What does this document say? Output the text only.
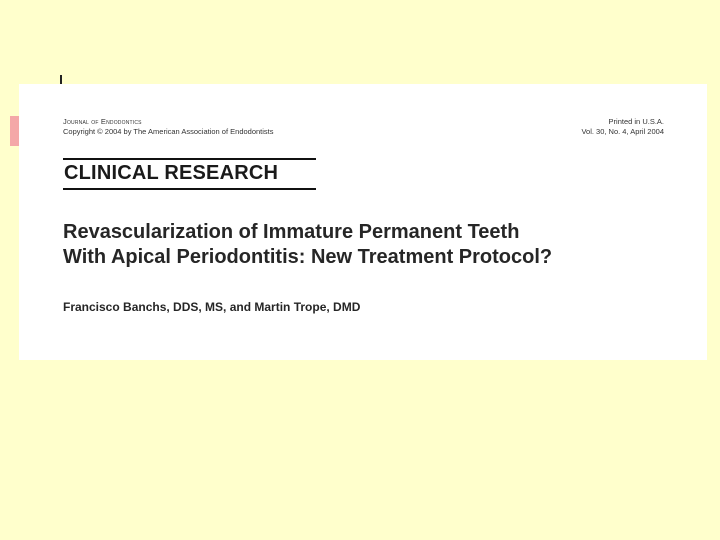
Journal of Endodontics
Copyright © 2004 by The American Association of Endodontists
Printed in U.S.A.
Vol. 30, No. 4, April 2004
CLINICAL RESEARCH
Revascularization of Immature Permanent Teeth
With Apical Periodontitis: New Treatment Protocol?
Francisco Banchs, DDS, MS, and Martin Trope, DMD
